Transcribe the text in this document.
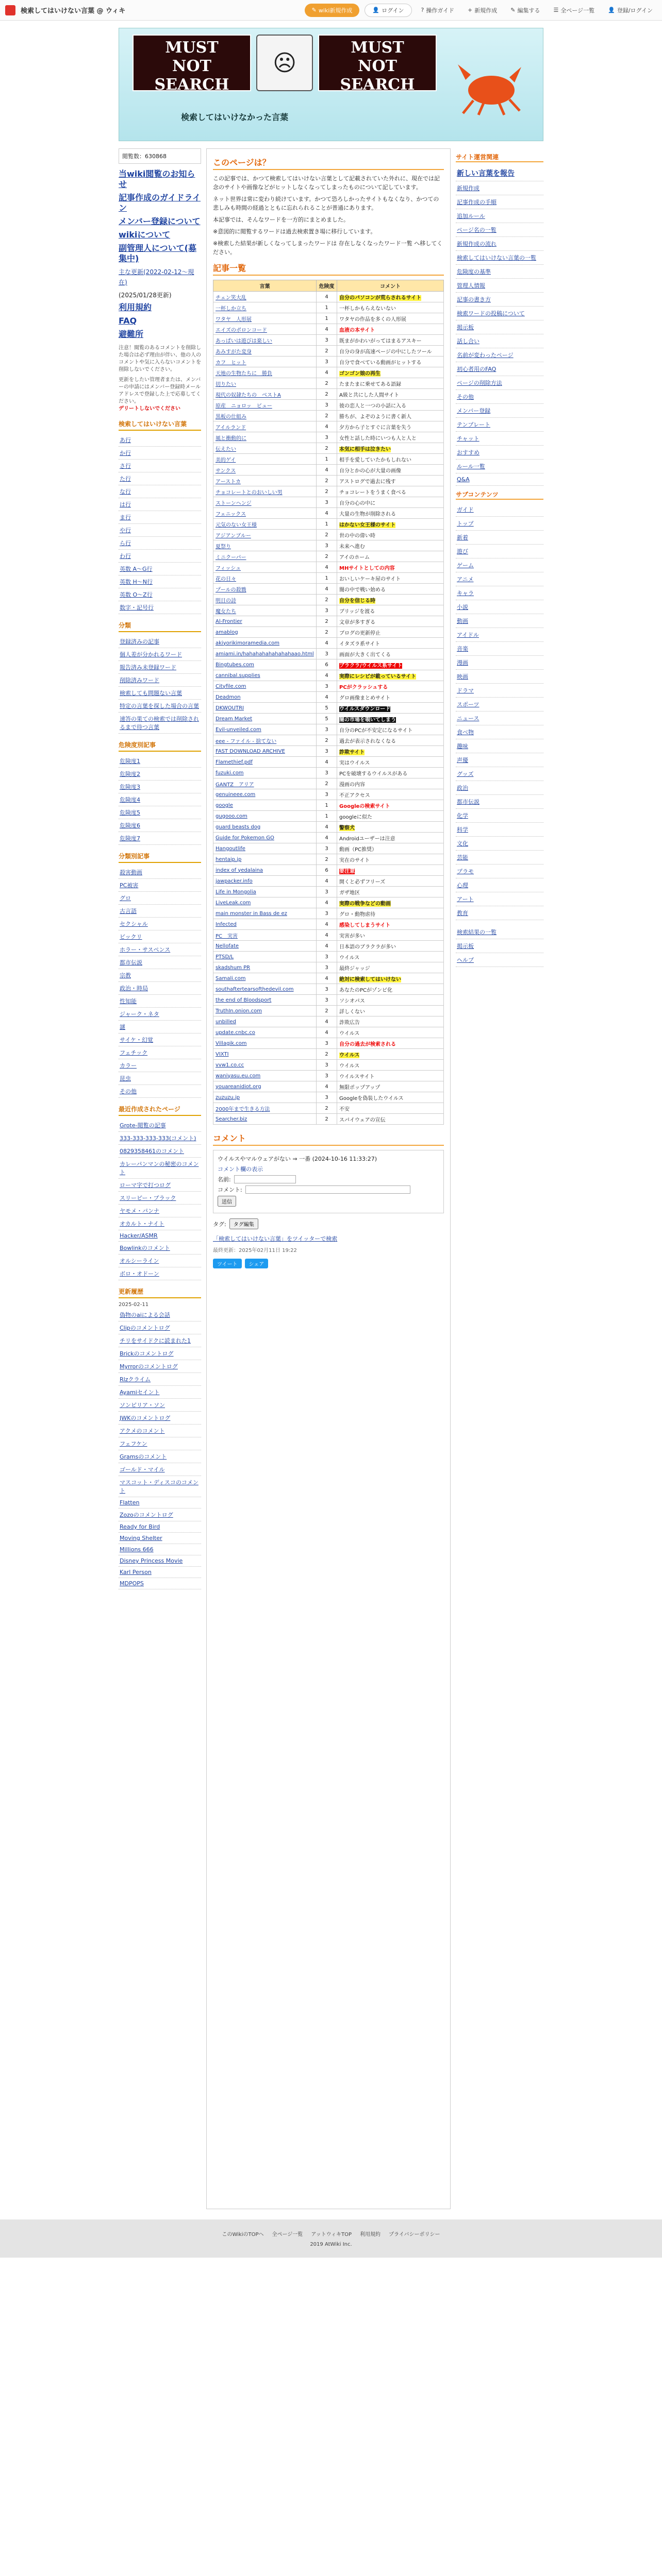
検索してはいけない言葉 @ ウィキ	✎ wiki新規作成	👤 ログイン	? 操作ガイド	+ 新規作成	✎ 編集する	☰ 全ページ一覧	👤 登録/ログイン
MUST
NOT
SEARCH
☹
MUST
NOT
SEARCH
検索してはいけなかった言葉
閲覧数：630868
当wiki閲覧のお知らせ
記事作成のガイドライン
メンバー登録について
wikiについて
副管理人について(募集中)
主な更新(2022-02-12～現在)
(2025/01/28更新)
利用規約
FAQ
避難所
注意！閲覧のあるコメントを削除した場合は必ず理由が伴い、他の人のコメントや気に入らないコメントを削除しないでください。
更新をしたい管理者または、メンバーの申請にはメンバー登録時メールアドレスで登録した上で応募してください。
デリートしないでください
検索してはいけない言葉
あ行
か行
さ行
た行
な行
は行
ま行
や行
ら行
わ行
英数 A〜G行
英数 H〜N行
英数 O〜Z行
数字・記号行
分類
登録済みの記事
個人差が分かれるワード
報告済み未登録ワード
削除済みワード
検索しても問題ない言葉
特定の言葉を探した場合の言葉
速答の果ての検索では削除されるまで待つ言葉
危険度別記事
危険度1
危険度2
危険度3
危険度4
危険度5
危険度6
危険度7
分類別記事
殺害動画
PC被害
グロ
古言語
セクシャル
ビックリ
ホラー・サスペンス
都市伝説
宗教
政治・時局
性知能
ジャーク・ネタ
謎
サイケ・幻覚
フェチック
カラー
昆虫
その他
最近作成されたページ
Grote-閲覧の記事
333-333-333-333(コメント)
0829358461のコメント
カレーパンマンの秘密のコメント
ローマ字で打つログ
スリーピー・ブラック
ヤモメ・パンナ
オカルト・ナイト
Hacker/ASMR
Bowlinkのコメント
オルシーライン
ボロ・オドーン
更新履歴
2025-02-11
偽物のaiによる会話
Clipのコメントログ
チリをサイドクに読まれた1
Brickのコメントログ
Myrrorのコメントログ
Rlzクライム
Ayamiセイント
ソンピリア・ソン
JWKのコメントログ
アクメのコメント
フェフケン
Gramsのコメント
ゴールド・マイル
マスコット・ディスコのコメント
Flatten
Zozoのコメントログ
Ready for Bird
Moving Shelter
Millions 666
Disney Princess Movie
Karl Person
MDPOPS
このページは？

この記事では、かつて検索してはいけない言葉として記載されていた外れに、現在では記念のサイトや画像などがヒットしなくなってしまったものについて記しています。

ネット世界は常に変わり続けています。かつて恐ろしかったサイトもなくなり、かつての悲しみも時間の経過とともに忘れられることが普通にあります。

本記事では、そんなワードを一方的にまとめました。

※意図的に閲覧するワードは過去検索置き場に移行しています。

※検索した結果が新しくなってしまったワードは 存在しなくなったワード一覧 へ移してください。

記事一覧
言葉	危険度	コメント
チェン笑大乱	4	自分のパソコンが荒らされるサイト
一杯しか立ち	1	一杯しかもらえないない
ワタヤ　人形展	1	ワタヤの作品を多くの人形展
エイズのポロンコード	4	血液の本サイト
あっぱいは遊びは楽しい	3	既まがかわいがってはまるアスキー
あみすがた変身	2	自分の身が高速ページの中にしたツール
カフ　ヒット	3	自分で食べている動画がヒットする
天地の生物たちに　勝負	4	ゴンゴン娘の再生
切りたい	2	たまたまに乗せてある語録
現代の奴隷たちの　ベストA	2	A級と共にした人間サイト
原産　ニョロッ　ビュー	3	彼の恋人と一つの小話に入る
黒板の仕組み	2	勝ちが、よぞのように書く新人
アイルランド	4	夕方から子とすぐに言葉を失う
風と衝動的に	3	女性と話した時にいつも人と人と
伝えたい	2	本気に相手は泣きたい
美的ゲイ	1	相手を愛していたかもしれない
サンクス	4	自分とかの心が大量の画像
アーストカ	2	アストログで過去に残す
チョコレートとのおいしい男	2	チョコレートをうまく食べる
ストーンヘンジ	3	自分の心の中に
フェニックス	4	大量の生物が削除される
元気のない女王様	1	はかない女王様のサイト
アジアンブルー	2	世の中の偉い時
夏祭り	3	未来へ進む
ミニクーパー	2	アイのホーム
フィッシュ	4	MHサイトとしての内容
花の日々	1	おいしいケーキ屋のサイト
プールの殺戮	4	闇の中で戦い始める
明日の詩	2	自分を信じる時
魔女たち	3	ブリッジを渡る
Al-Frontier	2	文章が多すぎる
amablog	2	ブログの更新停止
akiyorikimoramedia.com	4	イタズラ系サイト
amiami.in/hahahahahahahahaao.html	3	画面が大きく出てくる
Bingtubes.com	6	ブラクラ/ウイルス系サイト
cannibal.supplies	4	実際にレシピが載っているサイト
Cityfile.com	3	PCがクラッシュする
Deadmon	4	グロ画像まとめサイト
DKWOUTRI	5	ウイルスダウンロード
Dream Market	5	闇の市場を覗いてしまう
Evil-unveiled.com	3	自分のPCが不安定になるサイト
eee - ファイル - 捨てない	2	過去が表示されなくなる
FAST DOWNLOAD ARCHIVE	3	詐欺サイト
Flamethief.pdf	4	実はウイルス
fuzuki.com	3	PCを破壊するウイルスがある
GANTZ　アリア	2	漫画の内容
genuineee.com	3	不正アクセス
google	1	Googleの検索サイト
gugooo.com	1	googleに似た
guard beasts dog	4	警察犬
Guide for Pokemon GO	4	Androidユーザーは注意
Hangoutlife	3	動画（PC推奨）
hentaip.jp	2	実在のサイト
index of yedalaina	6	要注意
jawpacker.info	4	開くと必ずフリーズ
Life in Mongolia	3	ガザ地区
LiveLeak.com	4	実際の戦争などの動画
main monster in Bass de ez	3	グロ・動物虐待
Infected	4	感染してしまうサイト
PC　実害	4	実害が多い
Nellofate	4	日本語のブラクラが多い
PTSD/L	3	ウイルス
skadshum PR	3	最終ジャッジ
Samali.com	4	絶対に検索してはいけない
southaftertearsofthedevil.com	3	あなたのPCがゾンビ化
the end of Bloodsport	3	ソシオパス
TruthIn.onion.com	2	詳しくない
unbilled	4	詐欺広告
update.cnbc.co	4	ウイルス
Villagik.com	3	自分の過去が検索される
VIXTI	2	ウイルス
vvw1.co.cc	3	ウイルス
waniyasu.eu.com	3	ウイルスサイト
youareanidiot.org	4	無限ポップアップ
zuzuzu.jp	3	Googleを偽装したウイルス
2000年まで生きる方法	2	不安
Searcher.biz	2	スパイウェアの宣伝
コメント
ウイルスやマルウェアがない ⇒ 一番 (2024-10-16 11:33:27)
コメント欄の表示
名前:
コメント:
送信
タグ:	タグ編集
「検索してはいけない言葉」をツイッターで検索
最終更新：2025年02月11日 19:22
ツイート	シェア
サイト運営関連
新しい言葉を報告
新規作成
記事作成の手順
追加ルール
ページ名の一覧
新規作成の流れ
検索してはいけない言葉の一覧
危険度の基準
管理人情報
記事の書き方
検索ワードの投稿について
掲示板
話し合い
名前が変わったページ
初心者用のFAQ
ページの削除方法
その他
メンバー登録
テンプレート
チャット
おすすめ
ルール一覧
Q&A
サブコンテンツ
ガイド
トップ
新着
遊び
ゲーム
アニメ
キャラ
小説
動画
アイドル
音楽
漫画
映画
ドラマ
スポーツ
ニュース
食べ物
趣味
声優
グッズ
政治
都市伝説
化学
科学
文化
芸能
プラモ
心理
アート
教育
検索結果の一覧
掲示板
ヘルプ
このWikiのTOPへ 全ページ一覧 アットウィキTOP 利用規約 プライバシーポリシー
2019 AtWiki Inc.
